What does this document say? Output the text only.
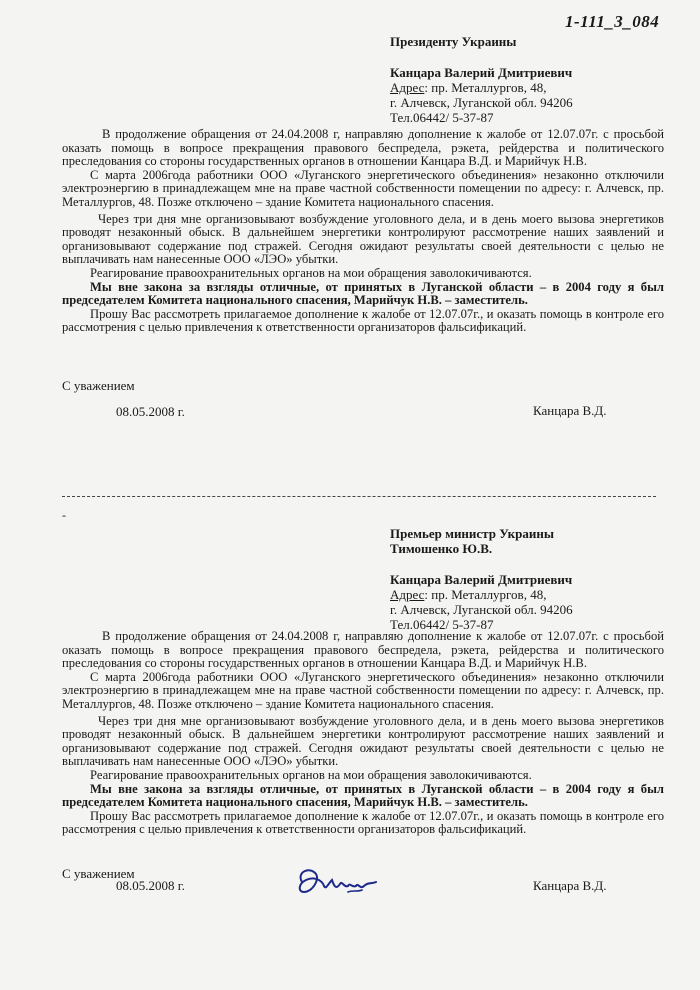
1-111_3_084
Президенту Украины
Канцара Валерий Дмитриевич
Адрес: пр. Металлургов, 48,
г. Алчевск, Луганской обл. 94206
Тел.06442/ 5-37-87

В продолжение обращения от 24.04.2008 г, направляю дополнение к жалобе от 12.07.07г. с просьбой оказать помощь в вопросе прекращения правового беспредела, рэкета, рейдерства и политического преследования со стороны государственных органов в отношении Канцара В.Д. и Марийчук Н.В.

С марта 2006года работники ООО «Луганского энергетического объединения» незаконно отключили электроэнергию в принадлежащем мне на праве частной собственности помещении по адресу: г. Алчевск, пр. Металлургов, 48. Позже отключено – здание Комитета национального спасения.

Через три дня мне организовывают возбуждение уголовного дела, и в день моего вызова энергетиков проводят незаконный обыск. В дальнейшем энергетики контролируют рассмотрение наших заявлений и организовывают содержание под стражей. Сегодня ожидают результаты своей деятельности с целью не выплачивать нам нанесенные ООО «ЛЭО» убытки.

Реагирование правоохранительных органов на мои обращения заволокичиваются.

Мы вне закона за взгляды отличные, от принятых в Луганской области – в 2004 году я был председателем Комитета национального спасения, Марийчук Н.В. – заместитель.

Прошу Вас рассмотреть прилагаемое дополнение к жалобе от 12.07.07г., и оказать помощь в контроле его рассмотрения с целью привлечения к ответственности организаторов фальсификаций.

С уважением
08.05.2008 г.	Канцара В.Д.
-
Премьер министр Украины
Тимошенко Ю.В.
Канцара Валерий Дмитриевич
Адрес: пр. Металлургов, 48,
г. Алчевск, Луганской обл. 94206
Тел.06442/ 5-37-87

В продолжение обращения от 24.04.2008 г, направляю дополнение к жалобе от 12.07.07г. с просьбой оказать помощь в вопросе прекращения правового беспредела, рэкета, рейдерства и политического преследования со стороны государственных органов в отношении Канцара В.Д. и Марийчук Н.В.

С марта 2006года работники ООО «Луганского энергетического объединения» незаконно отключили электроэнергию в принадлежащем мне на праве частной собственности помещении по адресу: г. Алчевск, пр. Металлургов, 48. Позже отключено – здание Комитета национального спасения.

Через три дня мне организовывают возбуждение уголовного дела, и в день моего вызова энергетиков проводят незаконный обыск. В дальнейшем энергетики контролируют рассмотрение наших заявлений и организовывают содержание под стражей. Сегодня ожидают результаты своей деятельности с целью не выплачивать нам нанесенные ООО «ЛЭО» убытки.

Реагирование правоохранительных органов на мои обращения заволокичиваются.

Мы вне закона за взгляды отличные, от принятых в Луганской области – в 2004 году я был председателем Комитета национального спасения, Марийчук Н.В. – заместитель.

Прошу Вас рассмотреть прилагаемое дополнение к жалобе от 12.07.07г., и оказать помощь в контроле его рассмотрения с целью привлечения к ответственности организаторов фальсификаций.

С уважением
08.05.2008 г.	Канцара В.Д.
